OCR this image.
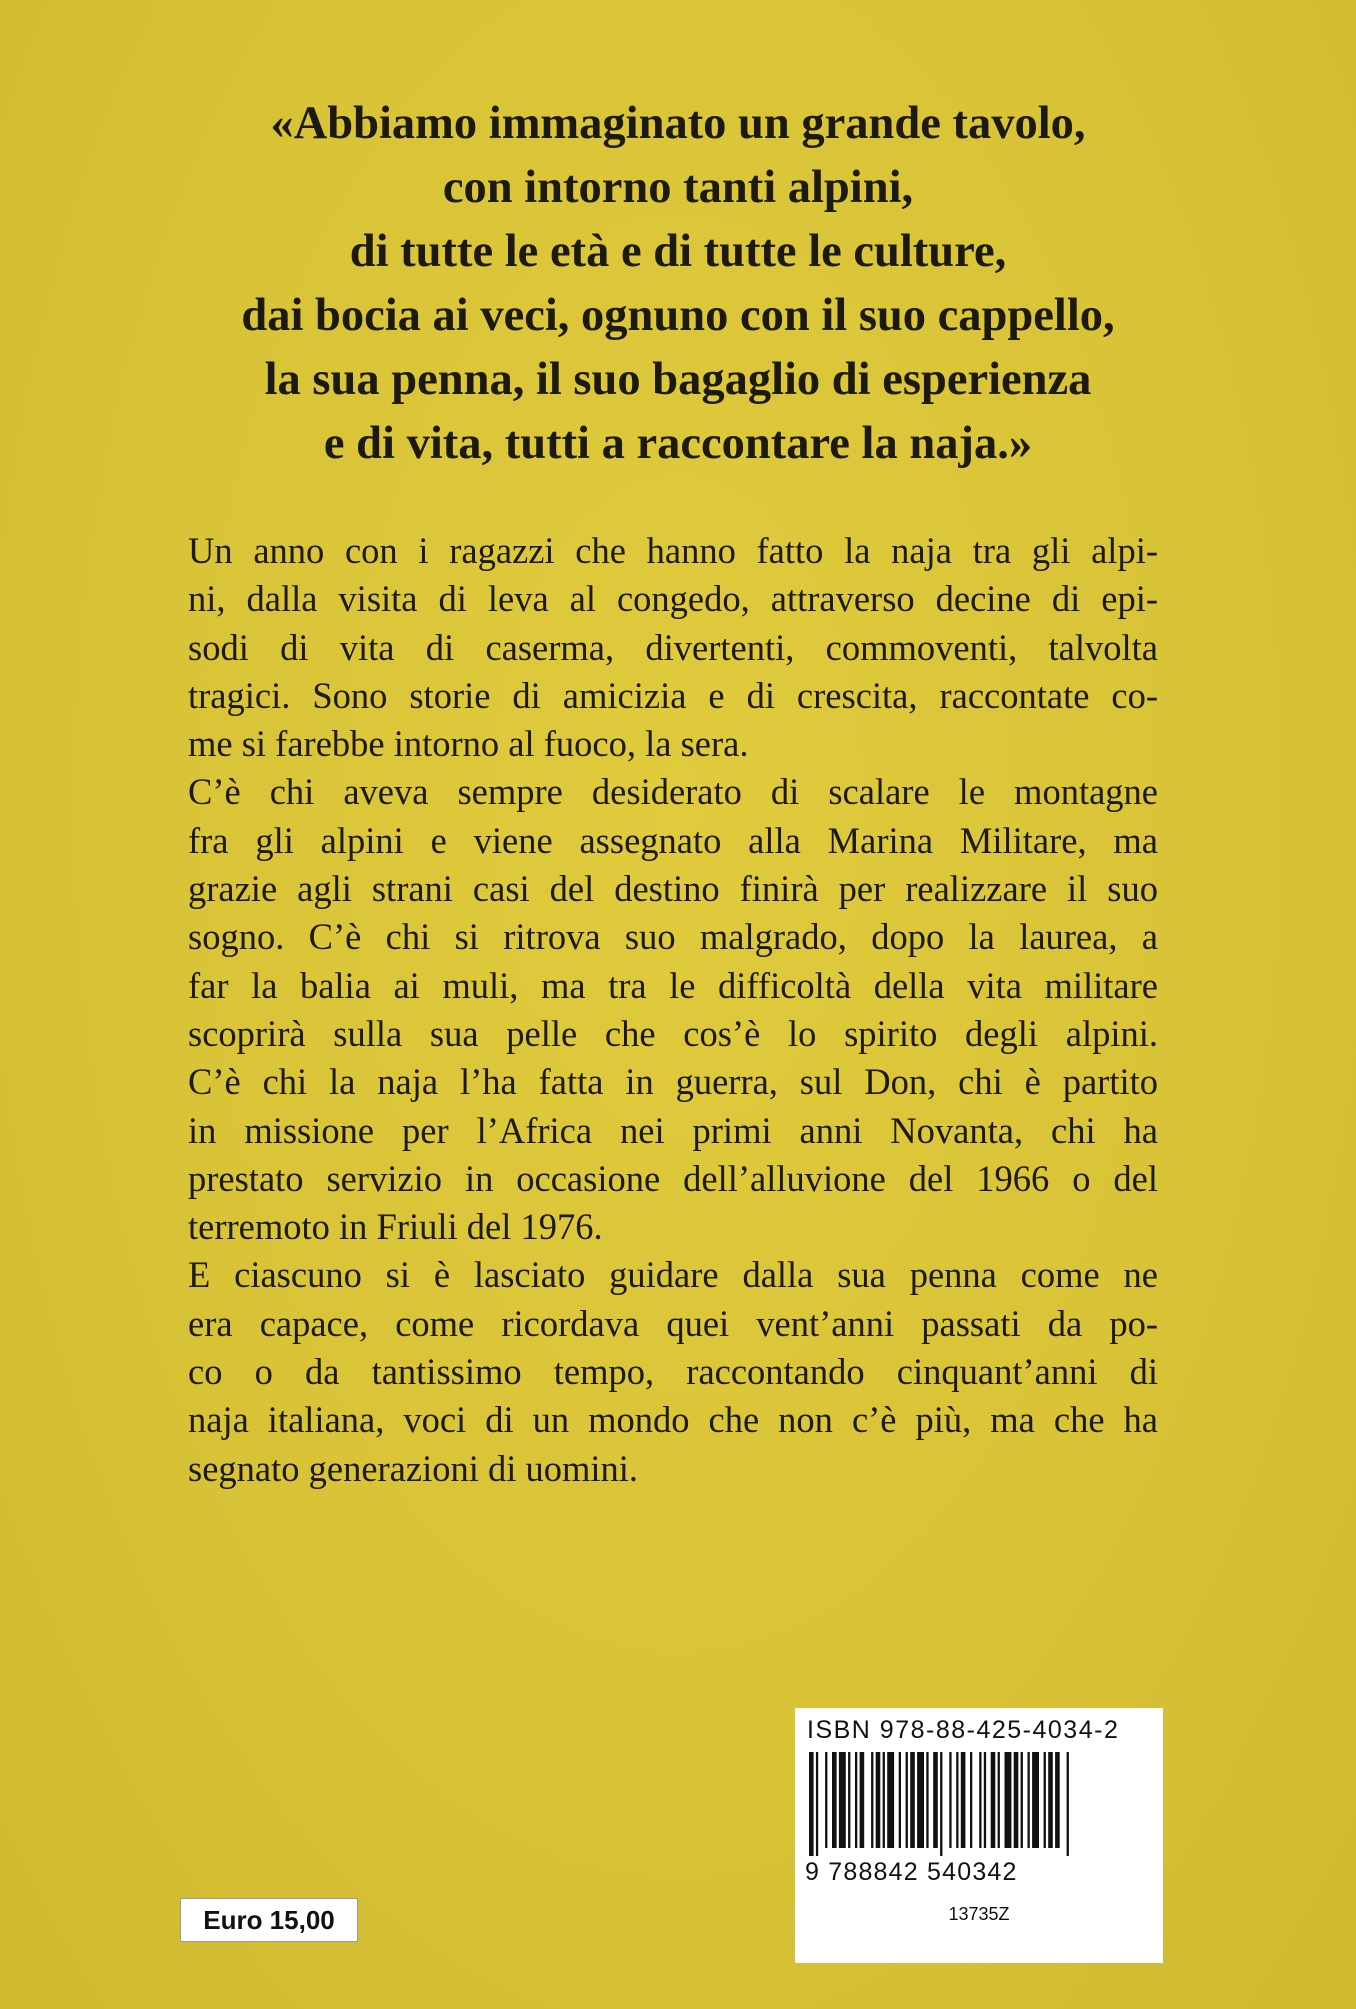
«Abbiamo immaginato un grande tavolo,
con intorno tanti alpini,
di tutte le età e di tutte le culture,
dai bocia ai veci, ognuno con il suo cappello,
la sua penna, il suo bagaglio di esperienza
e di vita, tutti a raccontare la naja.»
Un anno con i ragazzi che hanno fatto la naja tra gli alpi-
ni, dalla visita di leva al congedo, attraverso decine di epi-
sodi di vita di caserma, divertenti, commoventi, talvolta
tragici. Sono storie di amicizia e di crescita, raccontate co-
me si farebbe intorno al fuoco, la sera.
C’è chi aveva sempre desiderato di scalare le montagne
fra gli alpini e viene assegnato alla Marina Militare, ma
grazie agli strani casi del destino finirà per realizzare il suo
sogno. C’è chi si ritrova suo malgrado, dopo la laurea, a
far la balia ai muli, ma tra le difficoltà della vita militare
scoprirà sulla sua pelle che cos’è lo spirito degli alpini.
C’è chi la naja l’ha fatta in guerra, sul Don, chi è partito
in missione per l’Africa nei primi anni Novanta, chi ha
prestato servizio in occasione dell’alluvione del 1966 o del
terremoto in Friuli del 1976.
E ciascuno si è lasciato guidare dalla sua penna come ne
era capace, come ricordava quei vent’anni passati da po-
co o da tantissimo tempo, raccontando cinquant’anni di
naja italiana, voci di un mondo che non c’è più, ma che ha
segnato generazioni di uomini.
Euro 15,00
ISBN 978-88-425-4034-2
9 788842 540342
13735Z
